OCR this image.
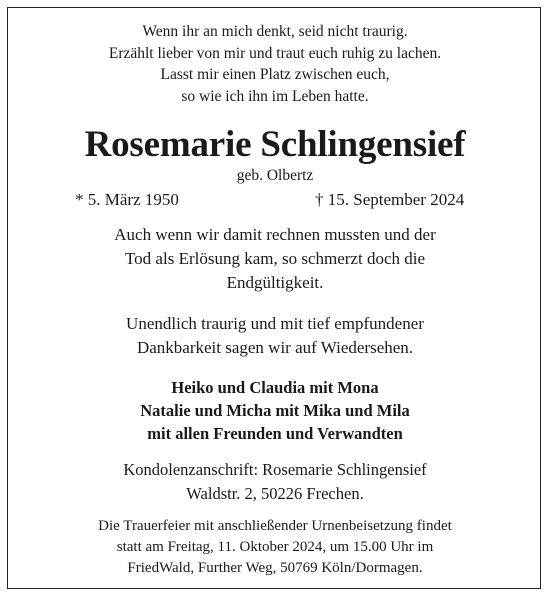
Wenn ihr an mich denkt, seid nicht traurig.
Erzählt lieber von mir und traut euch ruhig zu lachen.
Lasst mir einen Platz zwischen euch,
so wie ich ihn im Leben hatte.
Rosemarie Schlingensief
geb. Olbertz
* 5. März 1950	† 15. September 2024
Auch wenn wir damit rechnen mussten und der
Tod als Erlösung kam, so schmerzt doch die
Endgültigkeit.
Unendlich traurig und mit tief empfundener
Dankbarkeit sagen wir auf Wiedersehen.
Heiko und Claudia mit Mona
Natalie und Micha mit Mika und Mila
mit allen Freunden und Verwandten
Kondolenzanschrift: Rosemarie Schlingensief
Waldstr. 2, 50226 Frechen.
Die Trauerfeier mit anschließender Urnenbeisetzung findet
statt am Freitag, 11. Oktober 2024, um 15.00 Uhr im
FriedWald, Further Weg, 50769 Köln/Dormagen.
